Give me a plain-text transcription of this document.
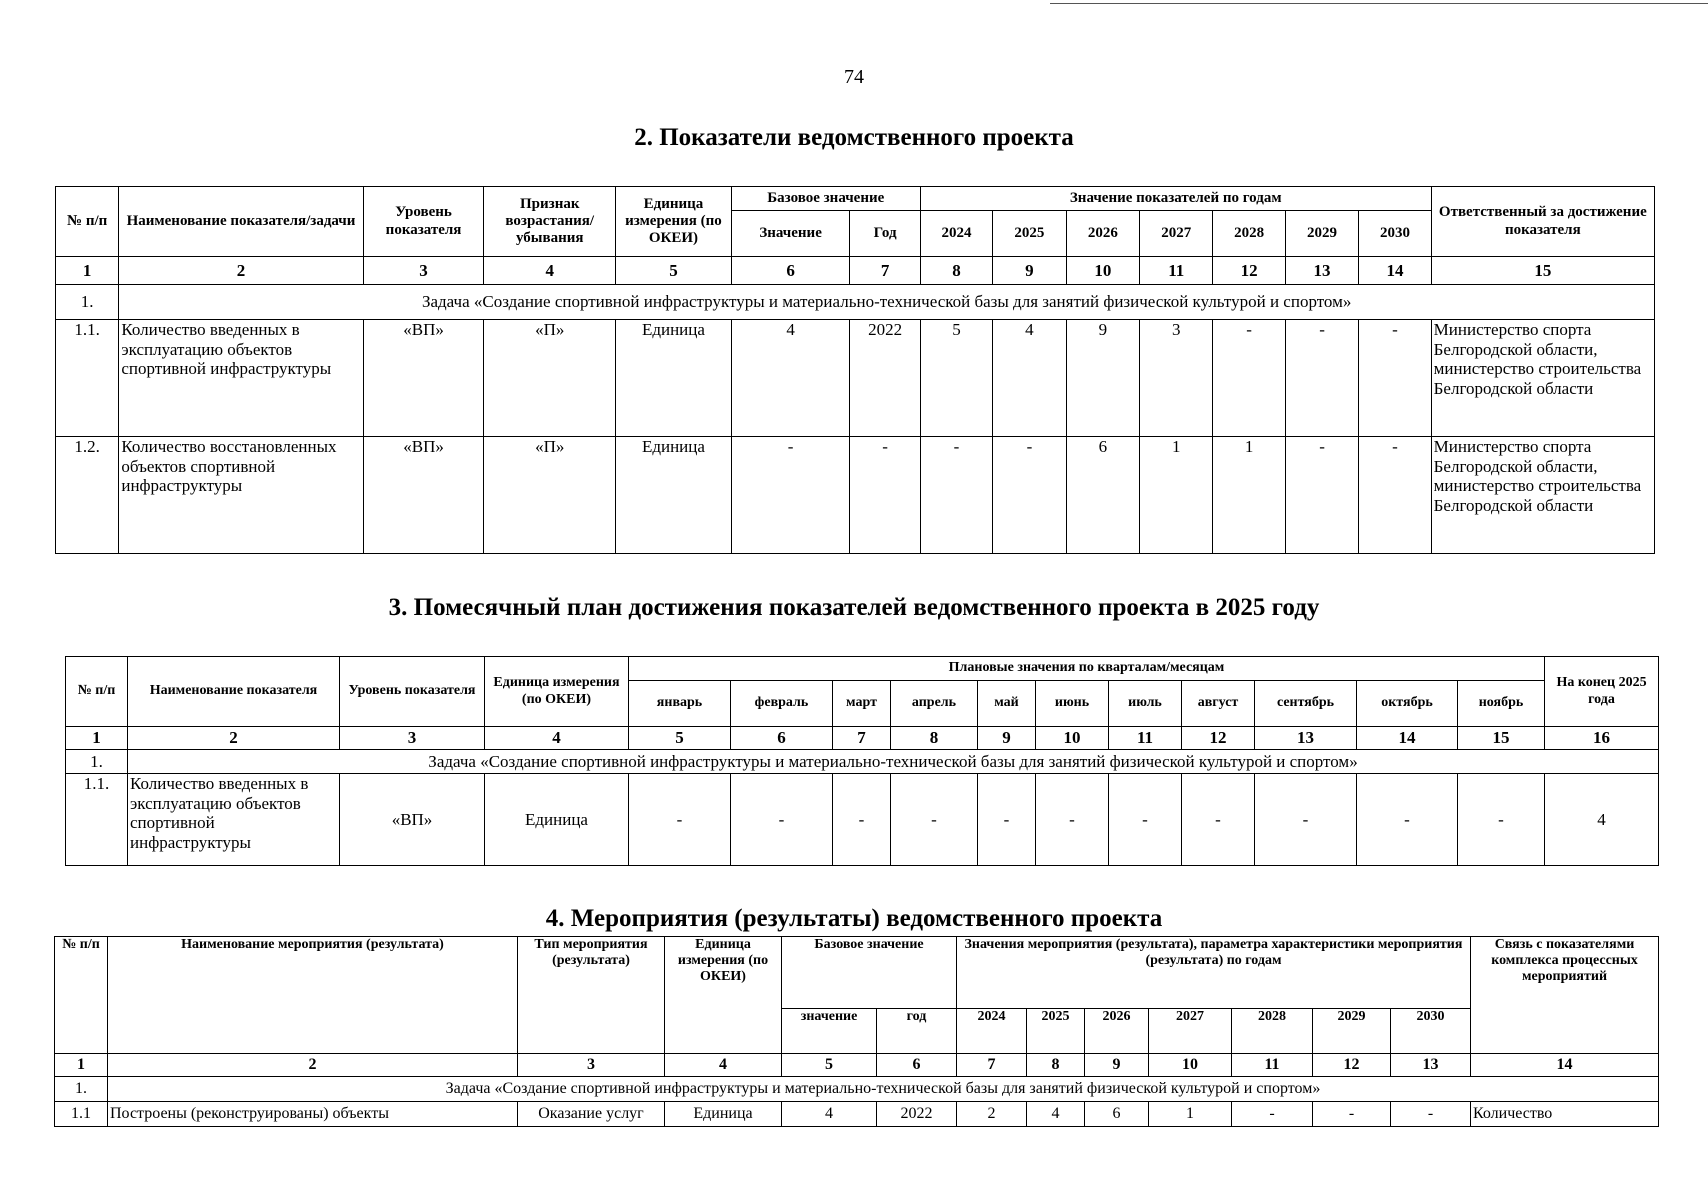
74
2. Показатели ведомственного проекта
№ п/п	Наименование показателя/задачи	Уровень показателя	Признак возрастания/ убывания	Единица измерения (по ОКЕИ)	Базовое значение		Значение показателей по годам							Ответственный за достижение показателя
					Значение	Год	2024	2025	2026	2027	2028	2029	2030	
1	2	3	4	5	6	7	8	9	10	11	12	13	14	15
1.	Задача «Создание спортивной инфраструктуры и материально-технической базы для занятий физической культурой и спортом»													
1.1.	Количество введенных в эксплуатацию объектов спортивной инфраструктуры	«ВП»	«П»	Единица	4	2022	5	4	9	3	-	-	-	Министерство спорта Белгородской области, министерство строительства Белгородской области
1.2.	Количество восстановленных объектов спортивной инфраструктуры	«ВП»	«П»	Единица	-	-	-	-	6	1	1	-	-	Министерство спорта Белгородской области, министерство строительства Белгородской области
3. Помесячный план достижения показателей ведомственного проекта в 2025 году
№ п/п	Наименование показателя	Уровень показателя	Единица измерения (по ОКЕИ)	Плановые значения по кварталам/месяцам											На конец 2025 года
				январь	февраль	март	апрель	май	июнь	июль	август	сентябрь	октябрь	ноябрь	
1	2	3	4	5	6	7	8	9	10	11	12	13	14	15	16
1.	Задача «Создание спортивной инфраструктуры и материально-технической базы для занятий физической культурой и спортом»														
1.1.	Количество введенных в эксплуатацию объектов спортивной инфраструктуры	«ВП»	Единица	-	-	-	-	-	-	-	-	-	-	-	4
4. Мероприятия (результаты) ведомственного проекта
№ п/п	Наименование мероприятия (результата)	Тип мероприятия (результата)	Единица измерения (по ОКЕИ)	Базовое значение		Значения мероприятия (результата), параметра характеристики мероприятия (результата) по годам							Связь с показателями комплекса процессных мероприятий
				значение	год	2024	2025	2026	2027	2028	2029	2030	
1	2	3	4	5	6	7	8	9	10	11	12	13	14
1.	Задача «Создание спортивной инфраструктуры и материально-технической базы для занятий физической культурой и спортом»												
1.1	Построены (реконструированы) объекты	Оказание услуг	Единица	4	2022	2	4	6	1	-	-	-	Количество
